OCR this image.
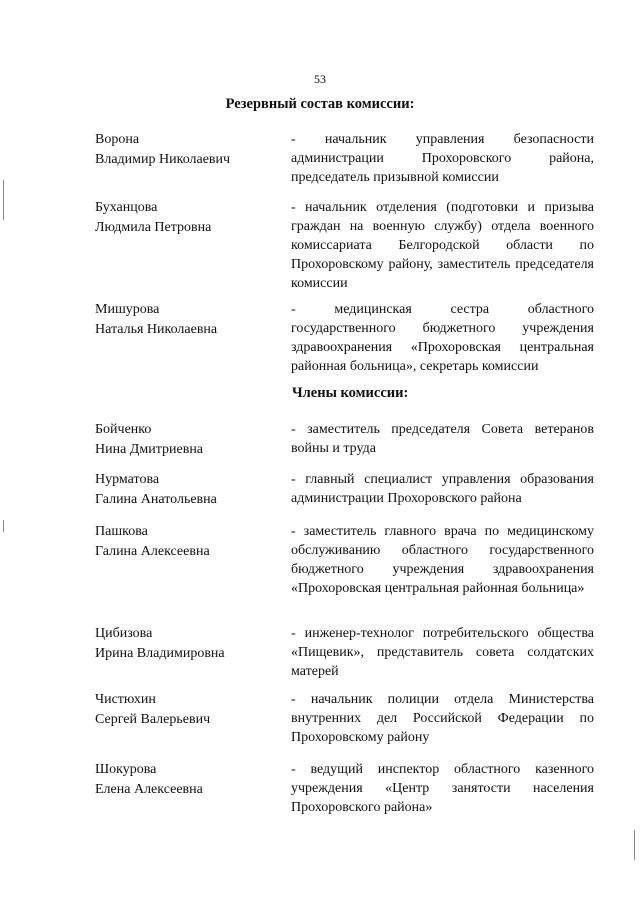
53
Резервный состав комиссии:
Ворона
Владимир Николаевич
- начальник управления безопасности администрации Прохоровского района, председатель призывной комиссии
Буханцова
Людмила Петровна
- начальник отделения (подготовки и призыва граждан на военную службу) отдела военного комиссариата Белгородской области по Прохоровскому району, заместитель председателя комиссии
Мишурова
Наталья Николаевна
- медицинская сестра областного государственного бюджетного учреждения здравоохранения «Прохоровская центральная районная больница», секретарь комиссии
Члены комиссии:
Бойченко
Нина Дмитриевна
- заместитель председателя Совета ветеранов войны и труда
Нурматова
Галина Анатольевна
- главный специалист управления образования администрации Прохоровского района
Пашкова
Галина Алексеевна
- заместитель главного врача по медицинскому обслуживанию областного государственного бюджетного учреждения здравоохранения «Прохоровская центральная районная больница»
Цибизова
Ирина Владимировна
- инженер-технолог потребительского общества «Пищевик», представитель совета солдатских матерей
Чистюхин
Сергей Валерьевич
- начальник полиции отдела Министерства внутренних дел Российской Федерации по Прохоровскому району
Шокурова
Елена Алексеевна
- ведущий инспектор областного казенного учреждения «Центр занятости населения Прохоровского района»
